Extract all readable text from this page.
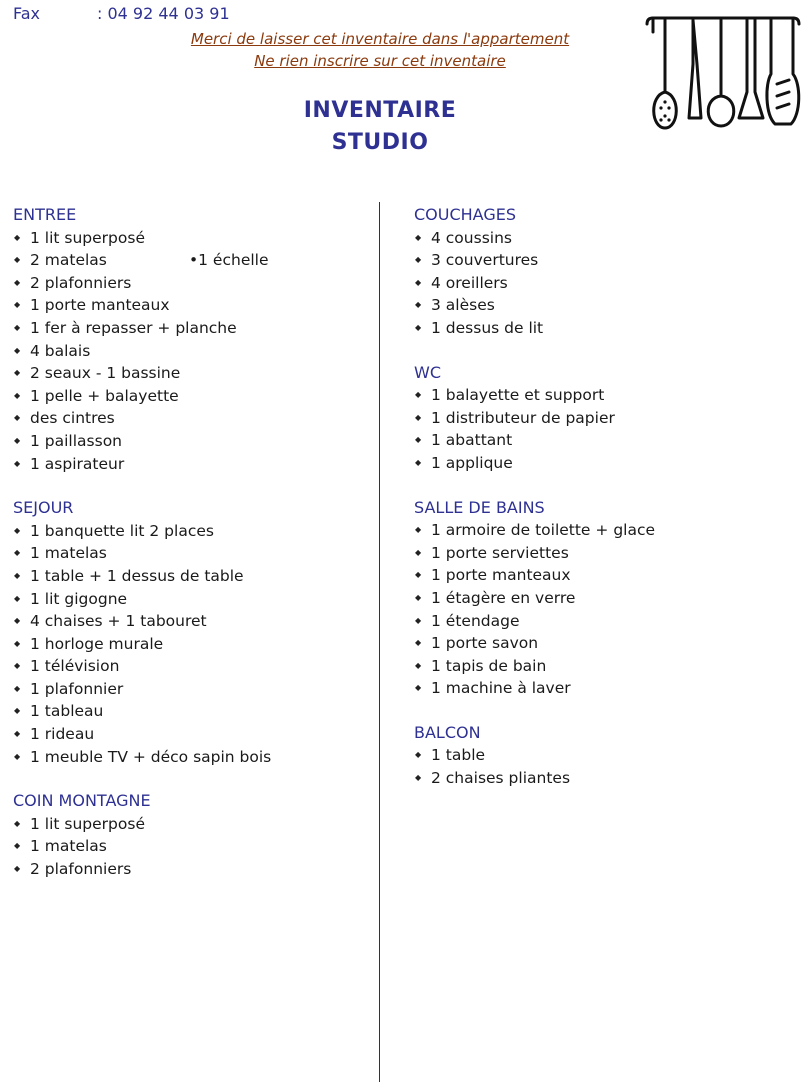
Fax	: 04 92 44 03 91
Merci de laisser cet inventaire dans l'appartement
Ne rien inscrire sur cet inventaire
INVENTAIRE
STUDIO
ENTREE
◆ 1 lit superposé
◆ 2 matelas	•1 échelle
◆ 2 plafonniers
◆ 1 porte manteaux
◆ 1 fer à repasser + planche
◆ 4 balais
◆ 2 seaux - 1 bassine
◆ 1 pelle + balayette
◆ des cintres
◆ 1 paillasson
◆ 1 aspirateur
SEJOUR
◆ 1 banquette lit 2 places
◆ 1 matelas
◆ 1 table + 1 dessus de table
◆ 1 lit gigogne
◆ 4 chaises + 1 tabouret
◆ 1 horloge murale
◆ 1 télévision
◆ 1 plafonnier
◆ 1 tableau
◆ 1 rideau
◆ 1 meuble TV + déco sapin bois
COIN MONTAGNE
◆ 1 lit superposé
◆ 1 matelas
◆ 2 plafonniers
COUCHAGES
◆ 4 coussins
◆ 3 couvertures
◆ 4 oreillers
◆ 3 alèses
◆ 1 dessus de lit
WC
◆ 1 balayette et support
◆ 1 distributeur de papier
◆ 1 abattant
◆ 1 applique
SALLE DE BAINS
◆ 1 armoire de toilette + glace
◆ 1 porte serviettes
◆ 1 porte manteaux
◆ 1 étagère en verre
◆ 1 étendage
◆ 1 porte savon
◆ 1 tapis de bain
◆ 1 machine à laver
BALCON
◆ 1 table
◆ 2 chaises pliantes
